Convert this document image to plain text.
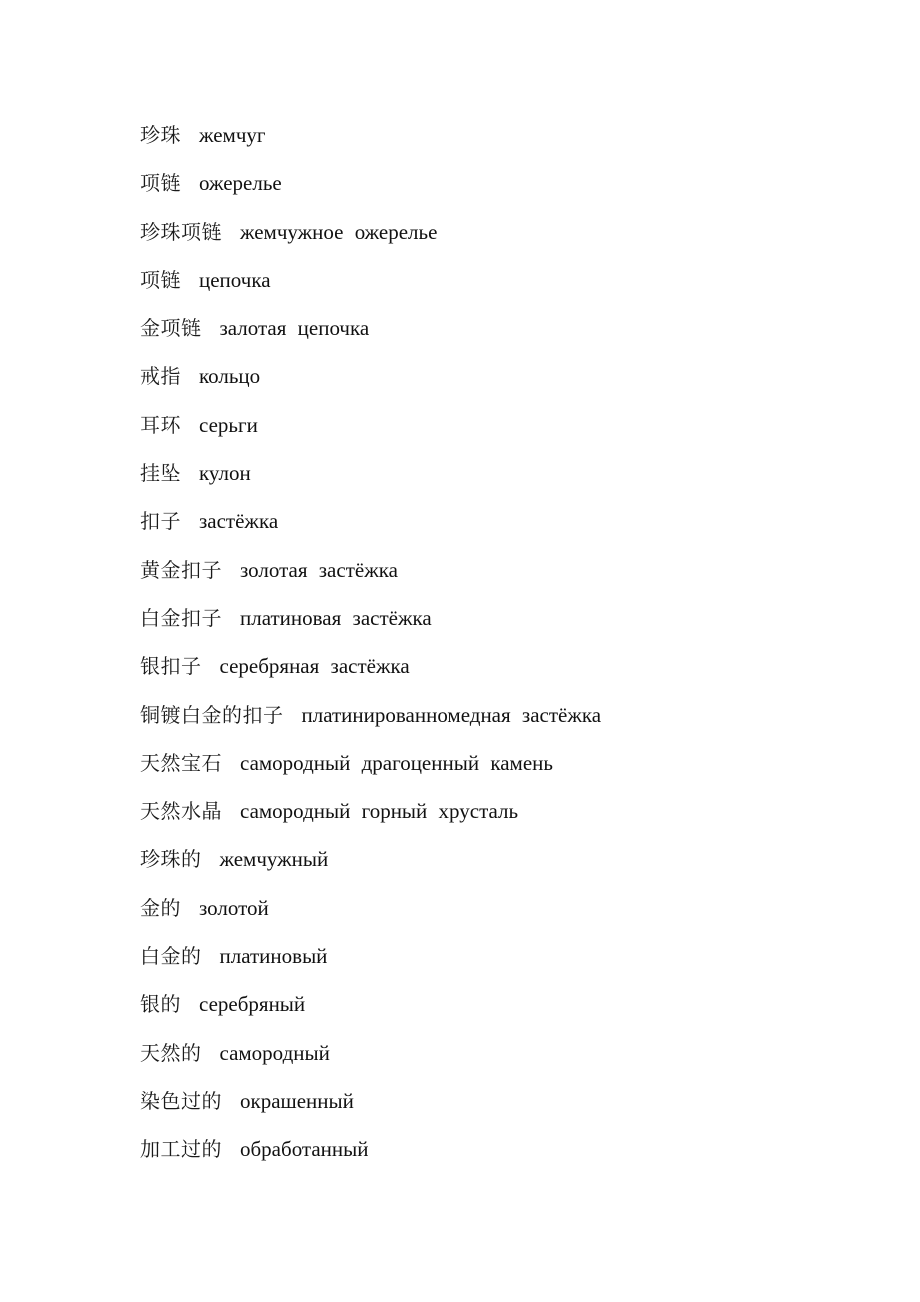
珍珠 жемчуг
项链 ожерелье
珍珠项链 жемчужное ожерелье
项链 цепочка
金项链 залотая цепочка
戒指 кольцо
耳环 серьги
挂坠 кулон
扣子 застёжка
黄金扣子 золотая застёжка
白金扣子 платиновая застёжка
银扣子 серебряная застёжка
铜镀白金的扣子 платинированномедная застёжка
天然宝石 самородный драгоценный камень
天然水晶 самородный горный хрусталь
珍珠的 жемчужный
金的 золотой
白金的 платиновый
银的 серебряный
天然的 самородный
染色过的 окрашенный
加工过的 обработанный
